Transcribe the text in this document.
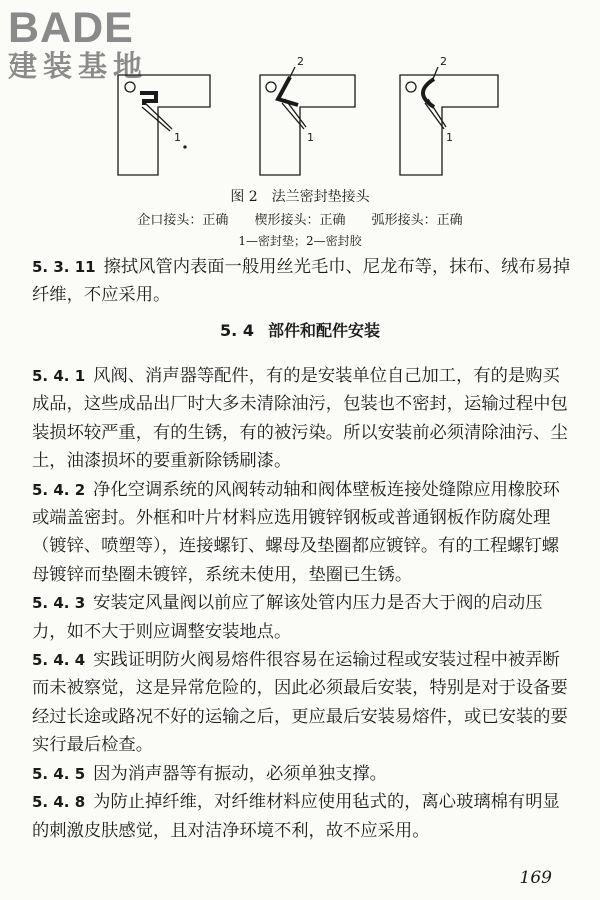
BADE
建装基地
1	1
2
1
2
图 2　法兰密封垫接头
企口接头：正确 楔形接头：正确 弧形接头：正确
1—密封垫；2—密封胶
5. 3. 11 擦拭风管内表面一般用丝光毛巾、尼龙布等，抹布、绒布易掉纤维，不应采用。
5. 4 部件和配件安装
5. 4. 1 风阀、消声器等配件，有的是安装单位自己加工，有的是购买成品，这些成品出厂时大多未清除油污，包装也不密封，运输过程中包装损坏较严重，有的生锈，有的被污染。所以安装前必须清除油污、尘土，油漆损坏的要重新除锈刷漆。
5. 4. 2 净化空调系统的风阀转动轴和阀体壁板连接处缝隙应用橡胶环或端盖密封。外框和叶片材料应选用镀锌钢板或普通钢板作防腐处理（镀锌、喷塑等），连接螺钉、螺母及垫圈都应镀锌。有的工程螺钉螺母镀锌而垫圈未镀锌，系统未使用，垫圈已生锈。
5. 4. 3 安装定风量阀以前应了解该处管内压力是否大于阀的启动压力，如不大于则应调整安装地点。
5. 4. 4 实践证明防火阀易熔件很容易在运输过程或安装过程中被弄断而未被察觉，这是异常危险的，因此必须最后安装，特别是对于设备要经过长途或路况不好的运输之后，更应最后安装易熔件，或已安装的要实行最后检查。
5. 4. 5 因为消声器等有振动，必须单独支撑。
5. 4. 8 为防止掉纤维，对纤维材料应使用毡式的，离心玻璃棉有明显的刺激皮肤感觉，且对洁净环境不利，故不应采用。
169
